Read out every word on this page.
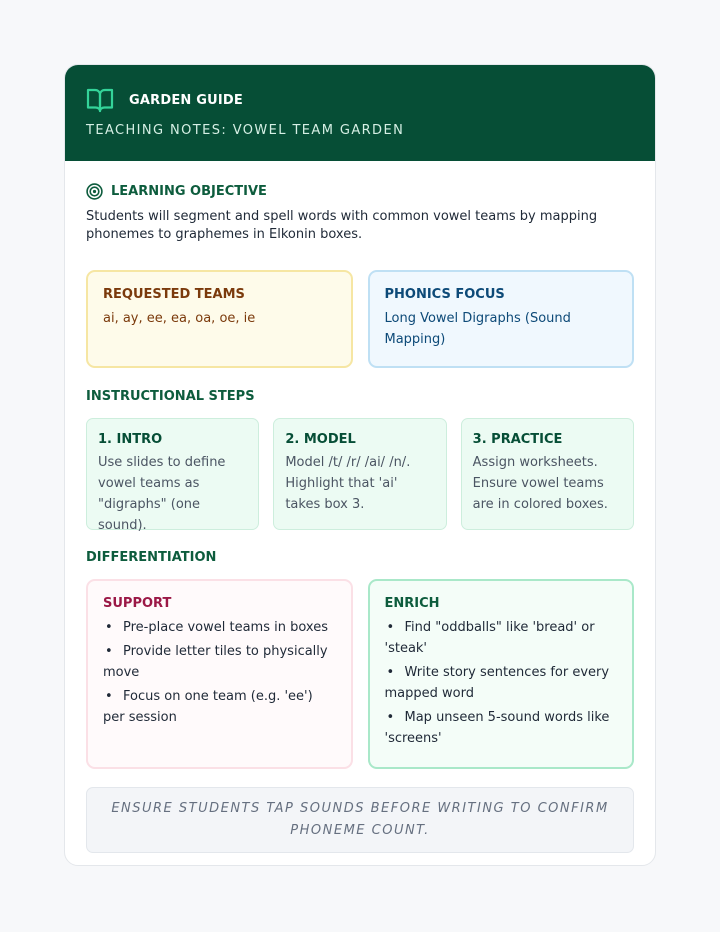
GARDEN GUIDE
TEACHING NOTES: VOWEL TEAM GARDEN
LEARNING OBJECTIVE

Students will segment and spell words with common vowel teams by mapping phonemes to graphemes in Elkonin boxes.

REQUESTED TEAMS
ai, ay, ee, ea, oa, oe, ie
PHONICS FOCUS
Long Vowel Digraphs (Sound Mapping)
INSTRUCTIONAL STEPS
1. INTRO
Use slides to define vowel teams as "digraphs" (one sound).
2. MODEL
Model /t/ /r/ /ai/ /n/. Highlight that 'ai' takes box 3.
3. PRACTICE
Assign worksheets. Ensure vowel teams are in colored boxes.
DIFFERENTIATION
SUPPORT
• Pre-place vowel teams in boxes
• Provide letter tiles to physically move
• Focus on one team (e.g. 'ee') per session
ENRICH
• Find "oddballs" like 'bread' or 'steak'
• Write story sentences for every mapped word
• Map unseen 5-sound words like 'screens'
ENSURE STUDENTS TAP SOUNDS BEFORE WRITING TO CONFIRM PHONEME COUNT.
